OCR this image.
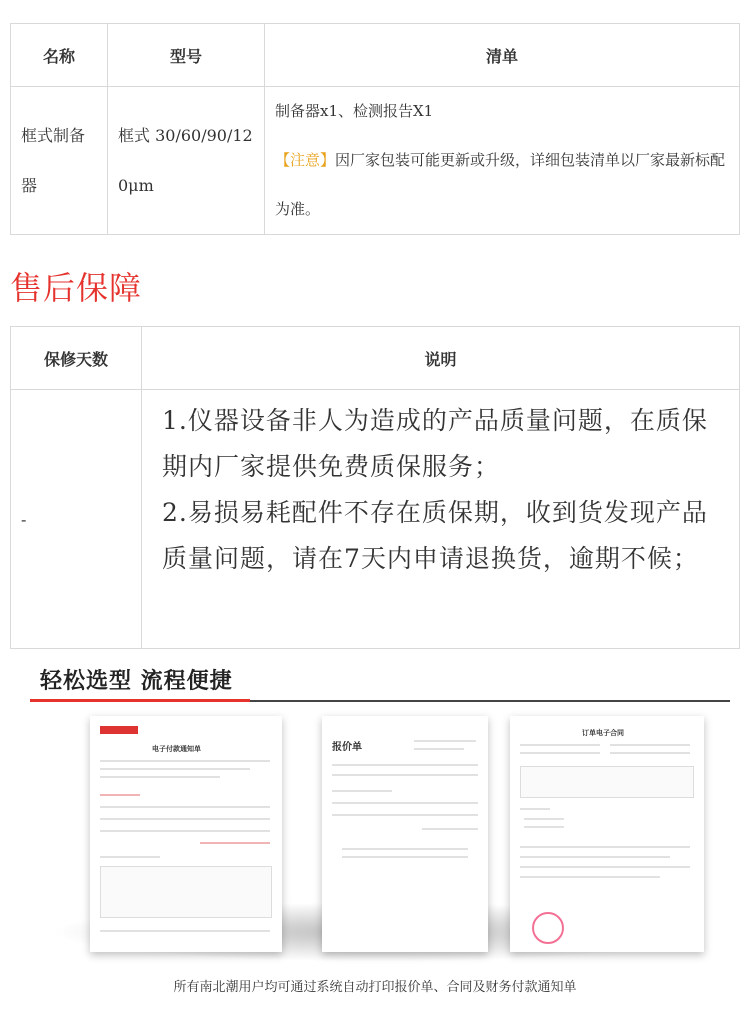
名称	型号	清单
框式制备器	框式 30/60/90/120μm	制备器x1、检测报告X1
【注意】因厂家包装可能更新或升级，详细包装清单以厂家最新标配为准。
售后保障
保修天数	说明
-	1.仪器设备非人为造成的产品质量问题，在质保期内厂家提供免费质保服务；
2.易损易耗配件不存在质保期，收到货发现产品质量问题，请在7天内申请退换货，逾期不候；
轻松选型 流程便捷
电子付款通知单	报价单
订单电子合同
所有南北潮用户均可通过系统自动打印报价单、合同及财务付款通知单
